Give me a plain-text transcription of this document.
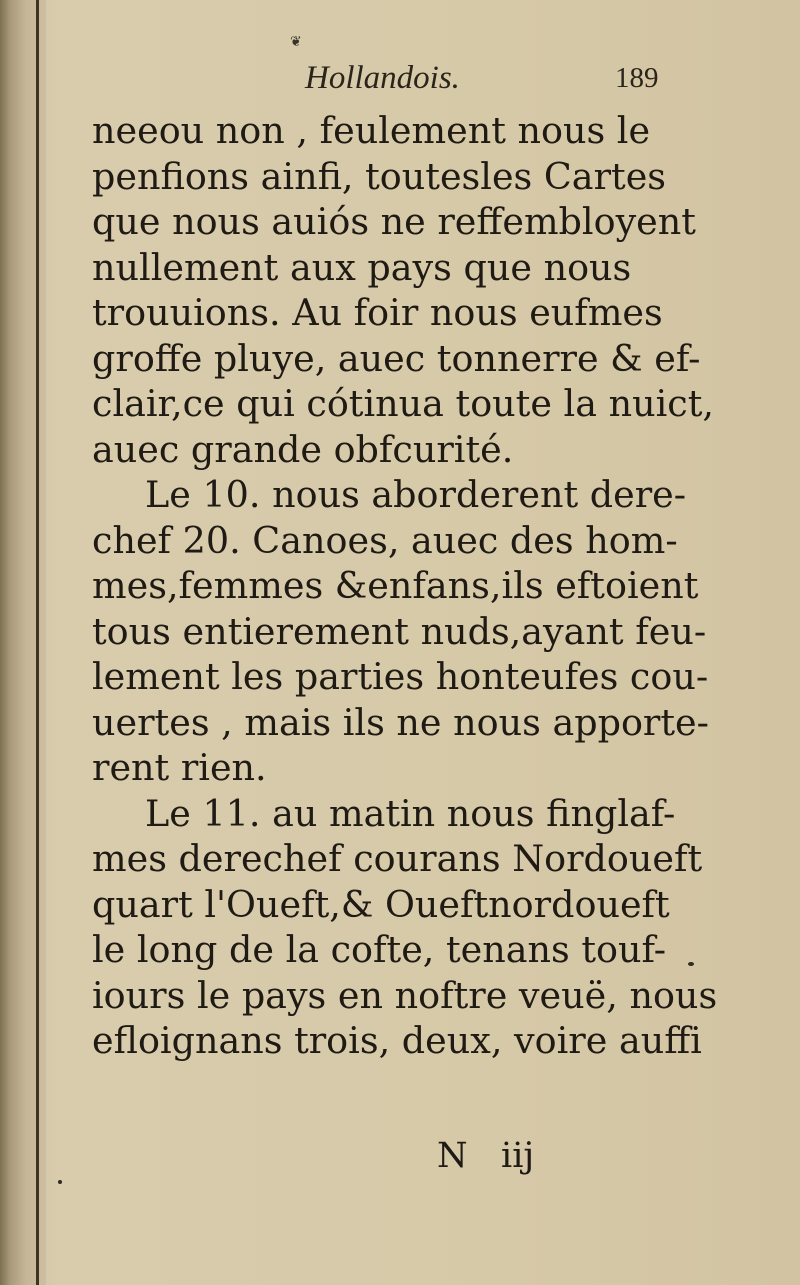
❦
Hollandois.	189
neeou non , feulement nous le
penfions ainfi, toutesles Cartes
que nous auiós ne reffembloyent
nullement aux pays que nous
trouuions. Au foir nous eufmes
groffe pluye, auec tonnerre & ef-
clair,ce qui cótinua toute la nuict,
auec grande obfcurité.
Le 10. nous aborderent dere-
chef 20. Canoes, auec des hom-
mes,femmes &enfans,ils eftoient
tous entierement nuds,ayant feu-
lement les parties honteufes cou-
uertes , mais ils ne nous apporte-
rent rien.
Le 11. au matin nous finglaf-
mes derechef courans Nordoueft
quart l'Oueft,& Oueftnordoueft
le long de la cofte, tenans touf-
iours le pays en noftre veuë, nous
efloignans trois, deux, voire auffi
N   iij
